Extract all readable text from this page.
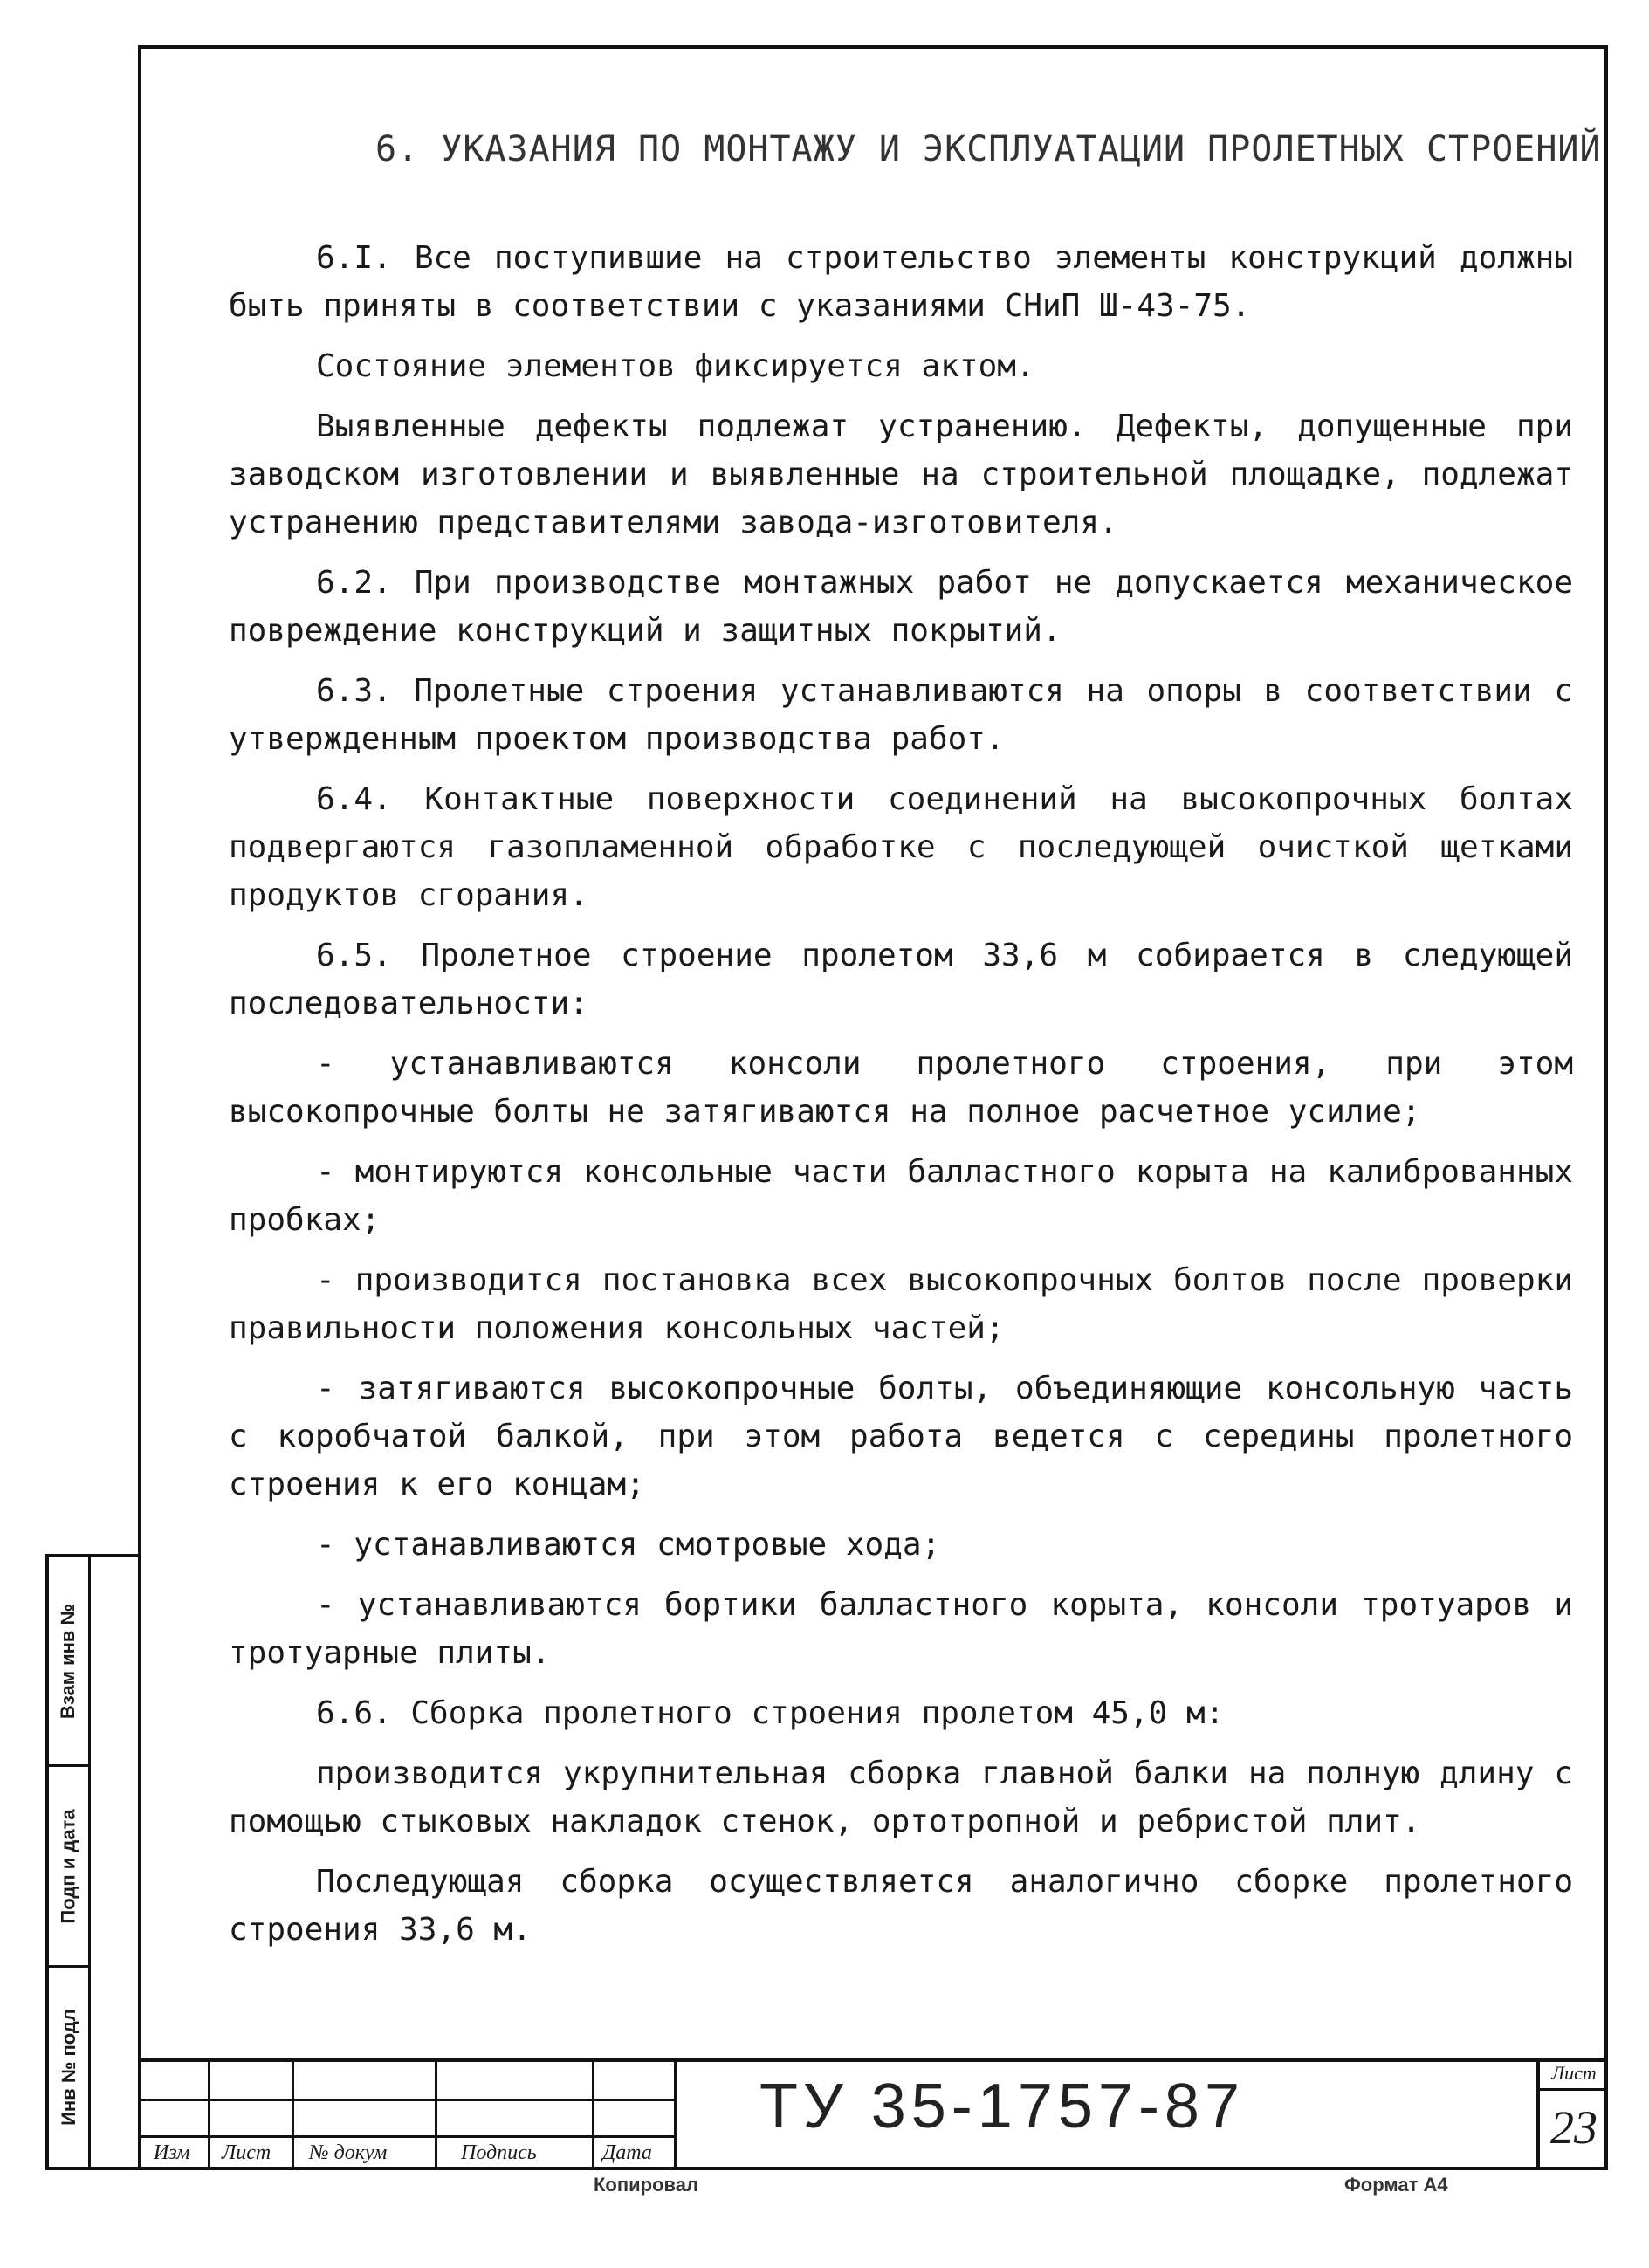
Взам инв №
Подп и дата
Инв № подл
6. УКАЗАНИЯ ПО МОНТАЖУ И ЭКСПЛУАТАЦИИ ПРОЛЕТНЫХ СТРОЕНИЙ

6.I. Все поступившие на строительство элементы конструкций должны быть приняты в соответствии с указаниями СНиП Ш-43-75.

Состояние элементов фиксируется актом.

Выявленные дефекты подлежат устранению. Дефекты, допущенные при заводском изготовлении и выявленные на строительной площадке, подлежат устранению представителями завода-изготовителя.

6.2. При производстве монтажных работ не допускается механическое повреждение конструкций и защитных покрытий.

6.3. Пролетные строения устанавливаются на опоры в соответствии с утвержденным проектом производства работ.

6.4. Контактные поверхности соединений на высокопрочных болтах подвергаются газопламенной обработке с последующей очисткой щетками продуктов сгорания.

6.5. Пролетное строение пролетом 33,6 м собирается в следующей последовательности:

- устанавливаются консоли пролетного строения, при этом высокопрочные болты не затягиваются на полное расчетное усилие;

- монтируются консольные части балластного корыта на калиброванных пробках;

- производится постановка всех высокопрочных болтов после проверки правильности положения консольных частей;

- затягиваются высокопрочные болты, объединяющие консольную часть с коробчатой балкой, при этом работа ведется с середины пролетного строения к его концам;

- устанавливаются смотровые хода;

- устанавливаются бортики балластного корыта, консоли тротуаров и тротуарные плиты.

6.6. Сборка пролетного строения пролетом 45,0 м:

производится укрупнительная сборка главной балки на полную длину с помощью стыковых накладок стенок, ортотропной и ребристой плит.

Последующая сборка осуществляется аналогично сборке пролетного строения 33,6 м.

Изм Лист № докум	Подпись	Дата
ТУ 35-1757-87	Лист
23
Копировал	Формат А4
